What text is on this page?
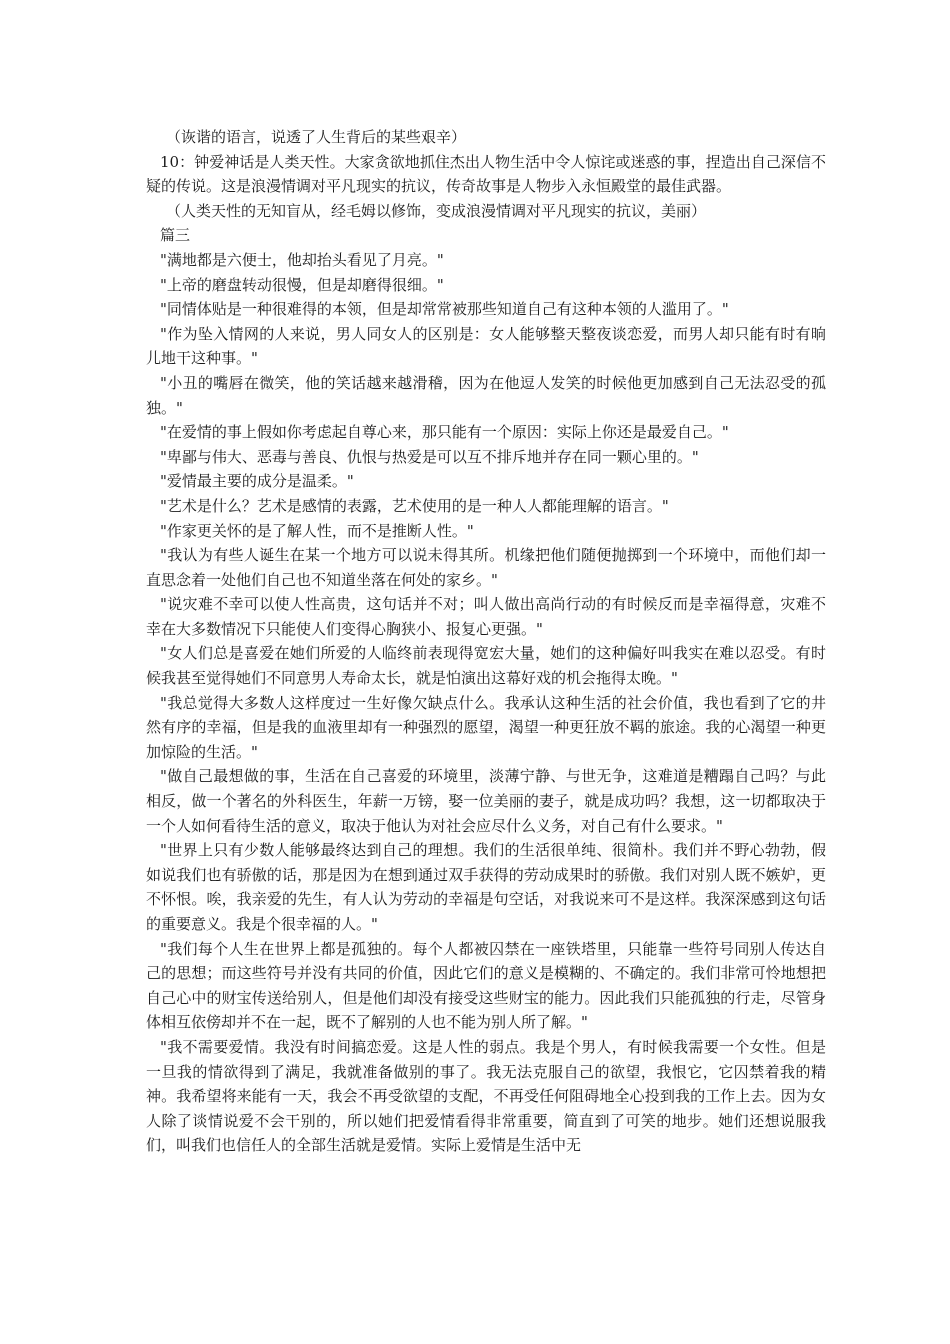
（诙谐的语言，说透了人生背后的某些艰辛）

10：钟爱神话是人类天性。大家贪欲地抓住杰出人物生活中令人惊诧或迷惑的事，捏造出自己深信不疑的传说。这是浪漫情调对平凡现实的抗议，传奇故事是人物步入永恒殿堂的最佳武器。

（人类天性的无知盲从，经毛姆以修饰，变成浪漫情调对平凡现实的抗议，美丽）

篇三

"满地都是六便士，他却抬头看见了月亮。"

"上帝的磨盘转动很慢，但是却磨得很细。"

"同情体贴是一种很难得的本领，但是却常常被那些知道自己有这种本领的人滥用了。"

"作为坠入情网的人来说，男人同女人的区别是：女人能够整天整夜谈恋爱，而男人却只能有时有晌儿地干这种事。"

"小丑的嘴唇在微笑，他的笑话越来越滑稽，因为在他逗人发笑的时候他更加感到自己无法忍受的孤独。"

"在爱情的事上假如你考虑起自尊心来，那只能有一个原因：实际上你还是最爱自己。"

"卑鄙与伟大、恶毒与善良、仇恨与热爱是可以互不排斥地并存在同一颗心里的。"

"爱情最主要的成分是温柔。"

"艺术是什么？艺术是感情的表露，艺术使用的是一种人人都能理解的语言。"

"作家更关怀的是了解人性，而不是推断人性。"

"我认为有些人诞生在某一个地方可以说未得其所。机缘把他们随便抛掷到一个环境中，而他们却一直思念着一处他们自己也不知道坐落在何处的家乡。"

"说灾难不幸可以使人性高贵，这句话并不对；叫人做出高尚行动的有时候反而是幸福得意，灾难不幸在大多数情况下只能使人们变得心胸狭小、报复心更强。"

"女人们总是喜爱在她们所爱的人临终前表现得宽宏大量，她们的这种偏好叫我实在难以忍受。有时候我甚至觉得她们不同意男人寿命太长，就是怕演出这幕好戏的机会拖得太晚。"

"我总觉得大多数人这样度过一生好像欠缺点什么。我承认这种生活的社会价值，我也看到了它的井然有序的幸福，但是我的血液里却有一种强烈的愿望，渴望一种更狂放不羁的旅途。我的心渴望一种更加惊险的生活。"

"做自己最想做的事，生活在自己喜爱的环境里，淡薄宁静、与世无争，这难道是糟蹋自己吗？与此相反，做一个著名的外科医生，年薪一万镑，娶一位美丽的妻子，就是成功吗？我想，这一切都取决于一个人如何看待生活的意义，取决于他认为对社会应尽什么义务，对自己有什么要求。"

"世界上只有少数人能够最终达到自己的理想。我们的生活很单纯、很简朴。我们并不野心勃勃，假如说我们也有骄傲的话，那是因为在想到通过双手获得的劳动成果时的骄傲。我们对别人既不嫉妒，更不怀恨。唉，我亲爱的先生，有人认为劳动的幸福是句空话，对我说来可不是这样。我深深感到这句话的重要意义。我是个很幸福的人。"

"我们每个人生在世界上都是孤独的。每个人都被囚禁在一座铁塔里，只能靠一些符号同别人传达自己的思想；而这些符号并没有共同的价值，因此它们的意义是模糊的、不确定的。我们非常可怜地想把自己心中的财宝传送给别人，但是他们却没有接受这些财宝的能力。因此我们只能孤独的行走，尽管身体相互依傍却并不在一起，既不了解别的人也不能为别人所了解。"

"我不需要爱情。我没有时间搞恋爱。这是人性的弱点。我是个男人，有时候我需要一个女性。但是一旦我的情欲得到了满足，我就准备做别的事了。我无法克服自己的欲望，我恨它，它囚禁着我的精神。我希望将来能有一天，我会不再受欲望的支配，不再受任何阻碍地全心投到我的工作上去。因为女人除了谈情说爱不会干别的，所以她们把爱情看得非常重要，简直到了可笑的地步。她们还想说服我们，叫我们也信任人的全部生活就是爱情。实际上爱情是生活中无
